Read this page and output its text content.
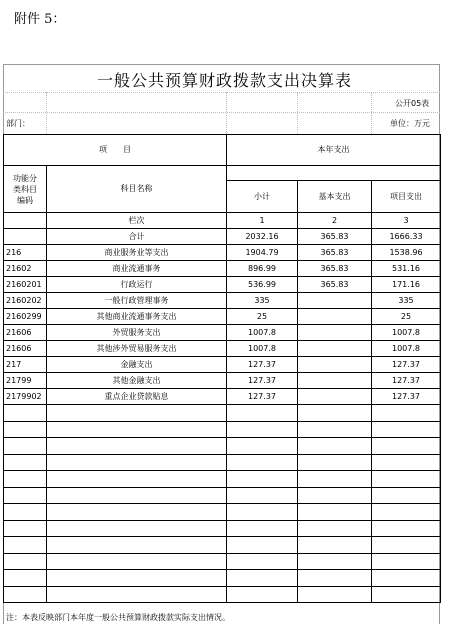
附件 5：
一般公共预算财政拨款支出决算表
公开05表
部门：	单位：万元
项　　目		本年支出		

功能分
类科目
编码	科目名称			
		小计	基本支出	项目支出
	栏次	1	2	3
	合计	2032.16	365.83	1666.33
216	商业服务业等支出	1904.79	365.83	1538.96
21602	商业流通事务	896.99	365.83	531.16
2160201	行政运行	536.99	365.83	171.16
2160202	一般行政管理事务	335		335
2160299	其他商业流通事务支出	25		25
21606	外贸服务支出	1007.8		1007.8
21606	其他涉外贸易服务支出	1007.8		1007.8
217	金融支出	127.37		127.37
21799	其他金融支出	127.37		127.37
2179902	重点企业贷款贴息	127.37		127.37

注：本表反映部门本年度一般公共预算财政拨款实际支出情况。
